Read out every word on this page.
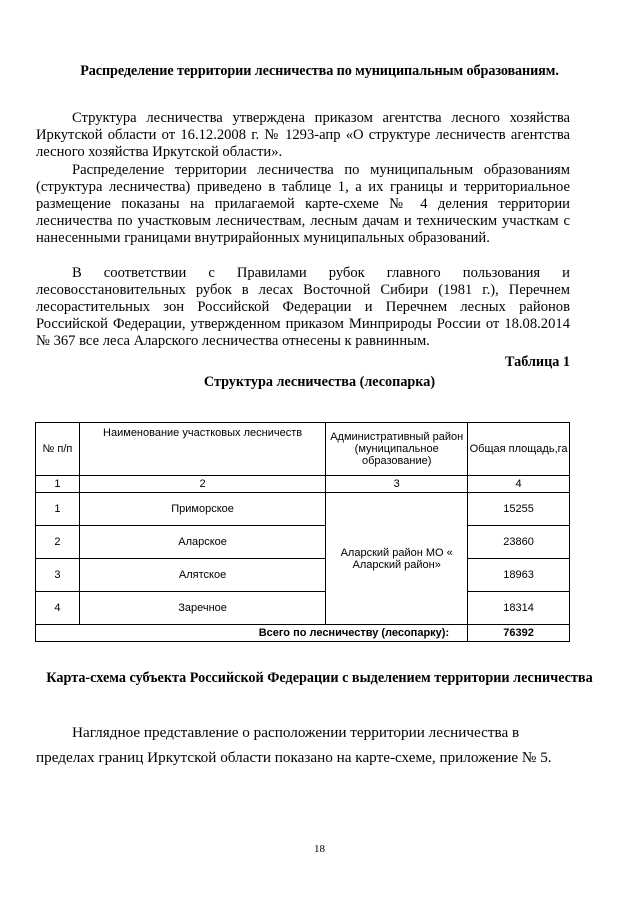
Распределение территории лесничества по муниципальным образованиям.
Структура лесничества утверждена приказом агентства лесного хозяйства Иркутской области от 16.12.2008 г. № 1293-апр «О структуре лесничеств агентства лесного хозяйства Иркутской области».
Распределение территории лесничества по муниципальным образованиям (структура лесничества) приведено в таблице 1, а их границы и территориальное размещение показаны на прилагаемой карте-схеме № 4 деления территории лесничества по участковым лесничествам, лесным дачам и техническим участкам с нанесенными границами внутрирайонных муниципальных образований.
В соответствии с Правилами рубок главного пользования и лесовосстановительных рубок в лесах Восточной Сибири (1981 г.), Перечнем лесорастительных зон Российской Федерации и Перечнем лесных районов Российской Федерации, утвержденном приказом Минприроды России от 18.08.2014 № 367 все леса Аларского лесничества отнесены к равнинным.
Таблица 1
Структура лесничества (лесопарка)
№ п/п	Наименование участковых лесничеств	Административный район (муниципальное образование)	Общая площадь,га
1	2	3	4
1	Приморское	Аларский район МО « Аларский район»	15255
2	Аларское		23860
3	Алятское		18963
4	Заречное		18314
Всего по лесничеству (лесопарку):			76392
Карта-схема субъекта Российской Федерации с выделением территории лесничества
Наглядное представление о расположении территории лесничества в пределах границ Иркутской области показано на карте-схеме, приложение № 5.
18
